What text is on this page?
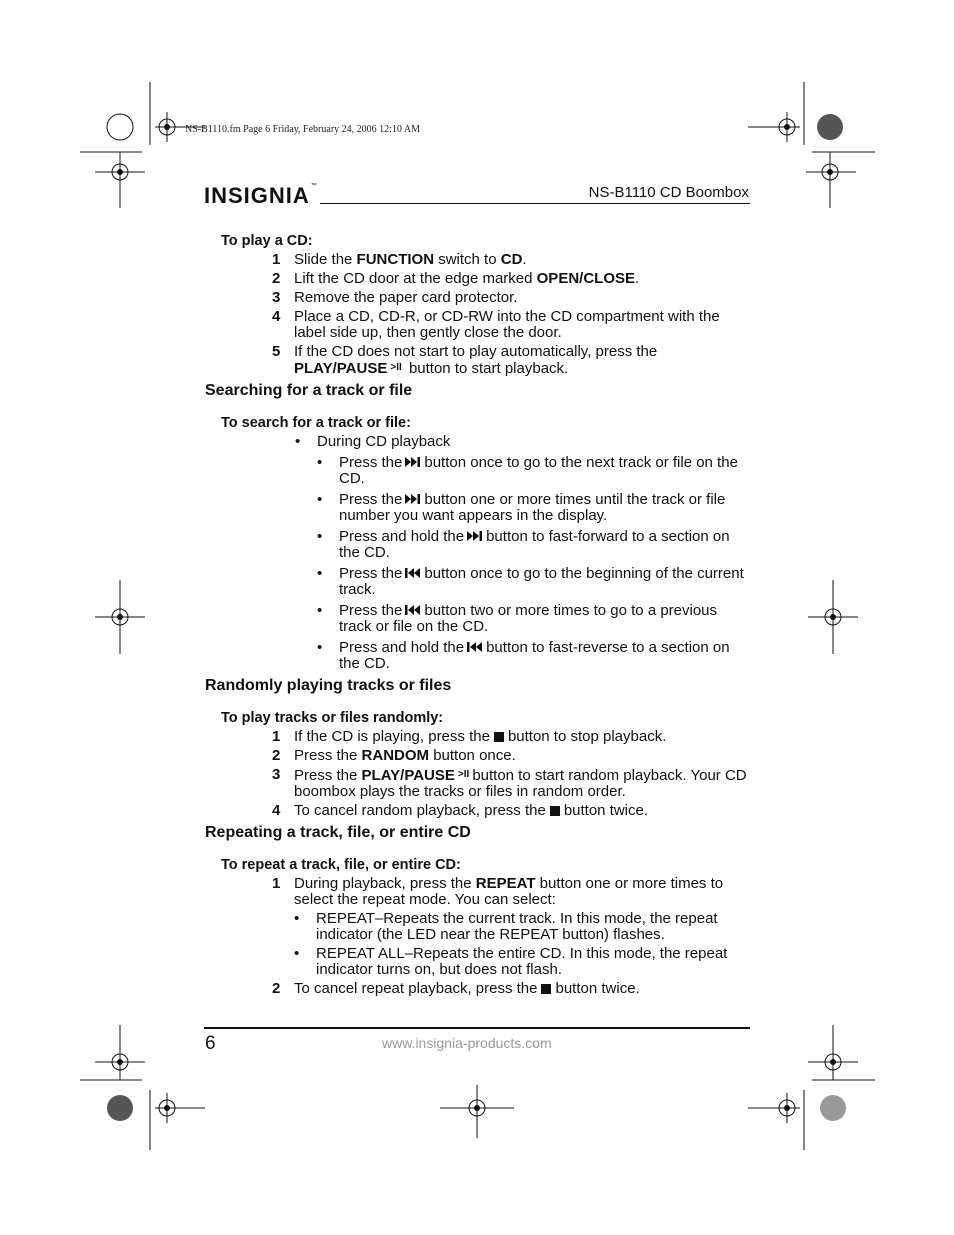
NS-B1110.fm Page 6 Friday, February 24, 2006 12:10 AM
INSIGNIA™	NS-B1110 CD Boombox
To play a CD:
1 Slide the FUNCTION switch to CD.
2 Lift the CD door at the edge marked OPEN/CLOSE.
3 Remove the paper card protector.
4 Place a CD, CD-R, or CD-RW into the CD compartment with the label side up, then gently close the door.
5 If the CD does not start to play automatically, press the
PLAY/PAUSE $^{>II}$ button to start playback.
Searching for a track or file
To search for a track or file:
•	During CD playback
•	Press the button once to go to the next track or file on the CD.
•	Press the button one or more times until the track or file number you want appears in the display.
•	Press and hold the button to fast-forward to a section on the CD.
•	Press the button once to go to the beginning of the current track.
•	Press the button two or more times to go to a previous track or file on the CD.
•	Press and hold the button to fast-reverse to a section on the CD.
Randomly playing tracks or files
To play tracks or files randomly:
1 If the CD is playing, press the button to stop playback.
2 Press the RANDOM button once.
3 Press the PLAY/PAUSE $^{>II}$ button to start random playback. Your CD boombox plays the tracks or files in random order.
4 To cancel random playback, press the button twice.
Repeating a track, file, or entire CD
To repeat a track, file, or entire CD:
1 During playback, press the REPEAT button one or more times to select the repeat mode. You can select:
•	REPEAT–Repeats the current track. In this mode, the repeat indicator (the LED near the REPEAT button) flashes.
•	REPEAT ALL–Repeats the entire CD. In this mode, the repeat indicator turns on, but does not flash.
2 To cancel repeat playback, press the button twice.
6	www.insignia-products.com
